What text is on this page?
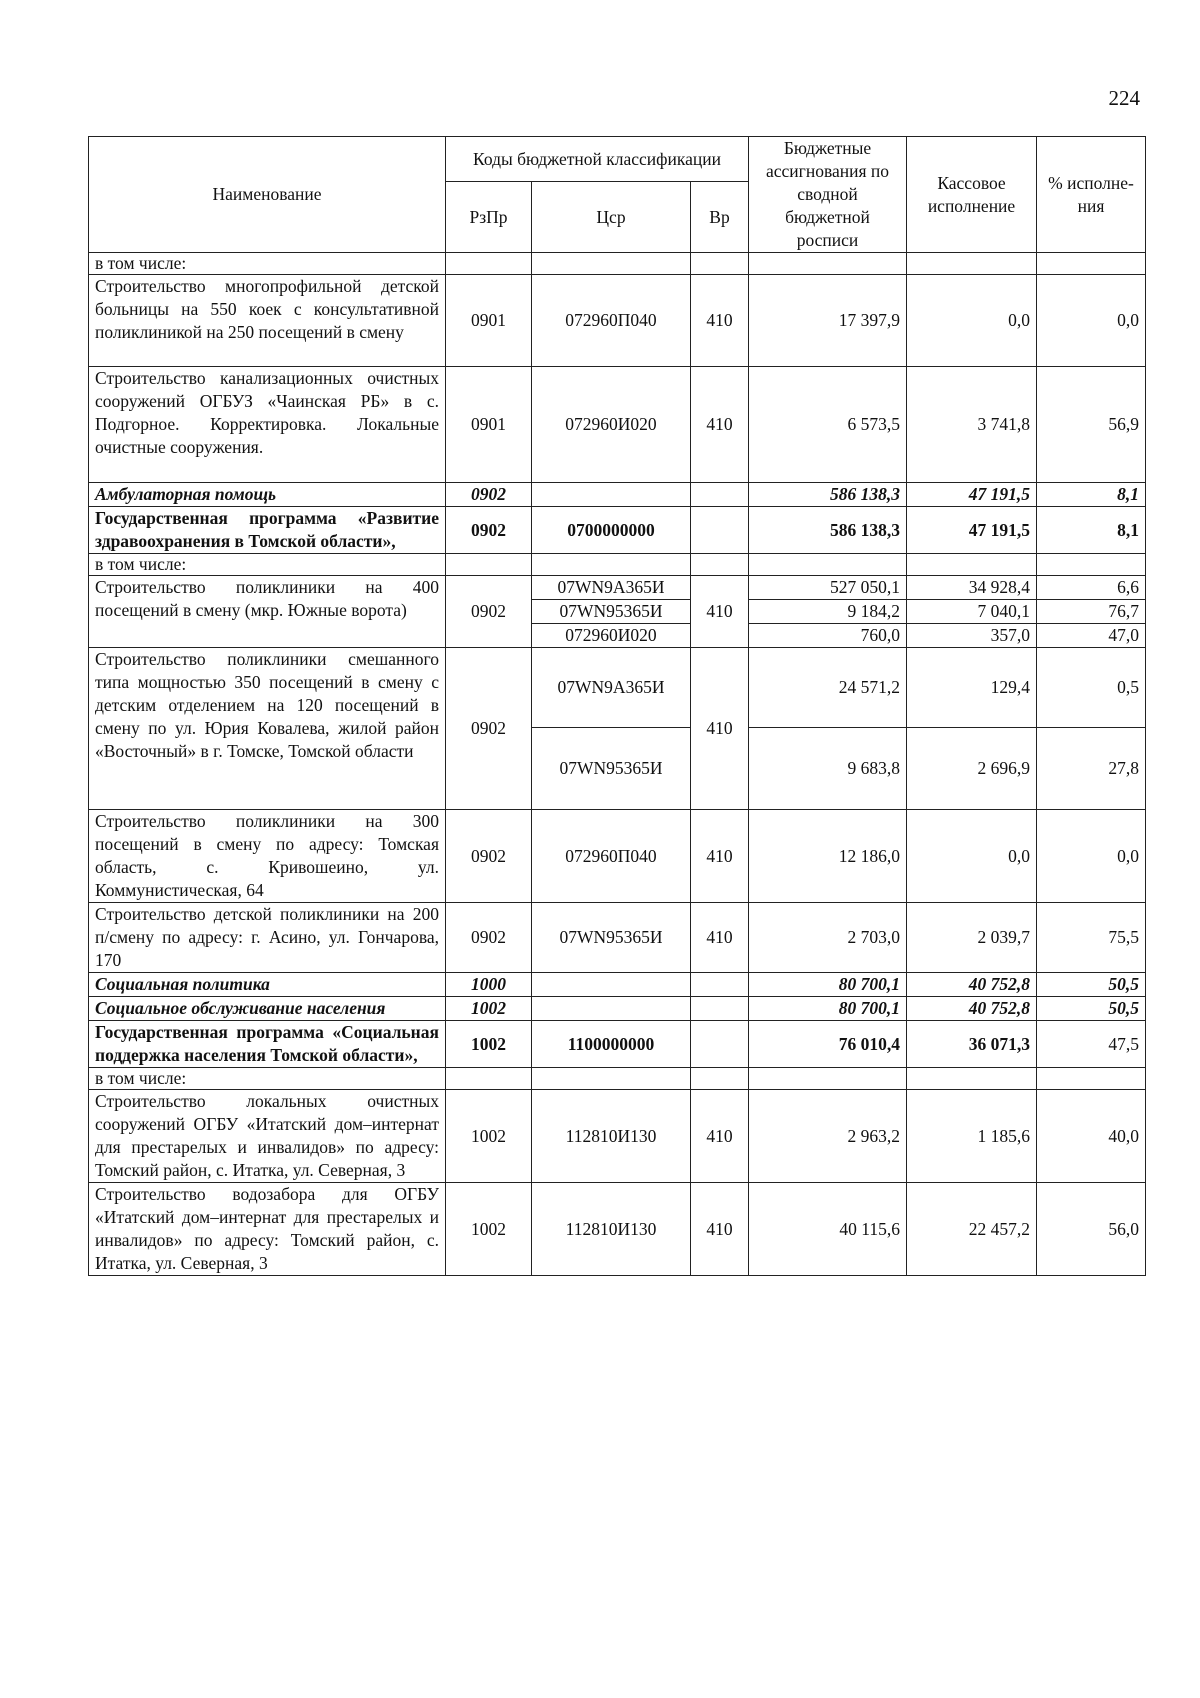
224
Наименование	Коды бюджетной классификации			Бюджетные ассигнования по сводной бюджетной росписи	Кассовое исполнение	% исполне-ния
	РзПр	Цср	Вр			
в том числе:						
Строительство многопрофильной детской больницы на 550 коек с консультативной поликлиникой на 250 посещений в смену	0901	072960П040	410	17 397,9	0,0	0,0
Строительство канализационных очистных сооружений ОГБУЗ «Чаинская РБ» в с. Подгорное. Корректировка. Локальные очистные сооружения.	0901	072960И020	410	6 573,5	3 741,8	56,9
Амбулаторная помощь	0902			586 138,3	47 191,5	8,1
Государственная программа «Развитие здравоохранения в Томской области»,	0902	0700000000		586 138,3	47 191,5	8,1
в том числе:						
Строительство поликлиники на 400 посещений в смену (мкр. Южные ворота)	0902	07WN9A365И	410	527 050,1	34 928,4	6,6
		07WN95365И		9 184,2	7 040,1	76,7
		072960И020		760,0	357,0	47,0
Строительство поликлиники смешанного типа мощностью 350 посещений в смену с детским отделением на 120 посещений в смену по ул. Юрия Ковалева, жилой район «Восточный» в г. Томске, Томской области	0902	07WN9A365И	410	24 571,2	129,4	0,5
		07WN95365И		9 683,8	2 696,9	27,8
Строительство поликлиники на 300 посещений в смену по адресу: Томская область, с. Кривошеино, ул. Коммунистическая, 64	0902	072960П040	410	12 186,0	0,0	0,0
Строительство детской поликлиники на 200 п/смену по адресу: г. Асино, ул. Гончарова, 170	0902	07WN95365И	410	2 703,0	2 039,7	75,5
Социальная политика	1000			80 700,1	40 752,8	50,5
Социальное обслуживание населения	1002			80 700,1	40 752,8	50,5
Государственная программа «Социальная поддержка населения Томской области»,	1002	1100000000		76 010,4	36 071,3	47,5
в том числе:						
Строительство локальных очистных сооружений ОГБУ «Итатский дом–интернат для престарелых и инвалидов» по адресу: Томский район, с. Итатка, ул. Северная, 3	1002	112810И130	410	2 963,2	1 185,6	40,0
Строительство водозабора для ОГБУ «Итатский дом–интернат для престарелых и инвалидов» по адресу: Томский район, с. Итатка, ул. Северная, 3	1002	112810И130	410	40 115,6	22 457,2	56,0
